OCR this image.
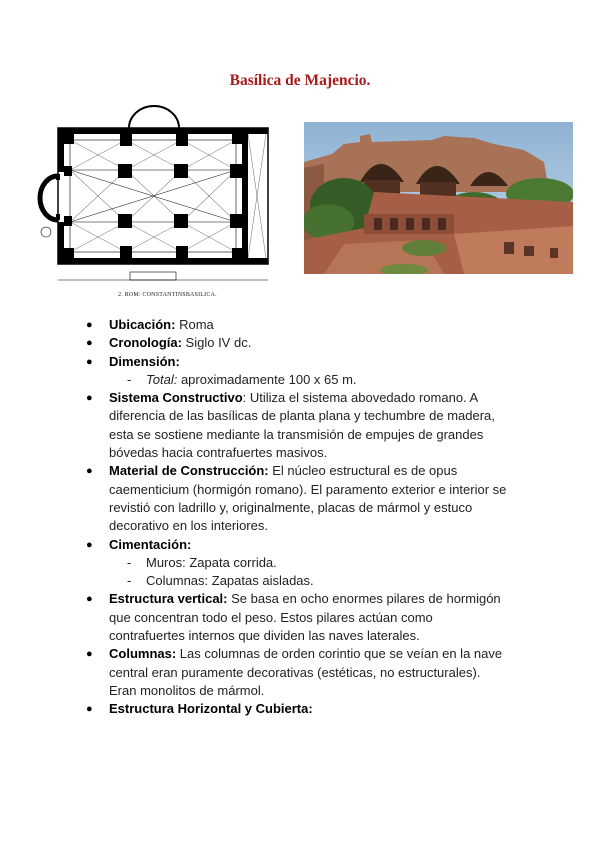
Basílica de Majencio.
2. ROM: CONSTANTINSBASILICA.
● Ubicación: Roma
● Cronología: Siglo IV dc.
● Dimensión:
- Total: aproximadamente 100 x 65 m.
● Sistema Constructivo: Utiliza el sistema abovedado romano. A diferencia de las basílicas de planta plana y techumbre de madera, esta se sostiene mediante la transmisión de empujes de grandes bóvedas hacia contrafuertes masivos.
● Material de Construcción: El núcleo estructural es de opus caementicium (hormigón romano). El paramento exterior e interior se revistió con ladrillo y, originalmente, placas de mármol y estuco decorativo en los interiores.
● Cimentación:
- Muros: Zapata corrida.
- Columnas: Zapatas aisladas.
● Estructura vertical: Se basa en ocho enormes pilares de hormigón que concentran todo el peso. Estos pilares actúan como contrafuertes internos que dividen las naves laterales.
● Columnas: Las columnas de orden corintio que se veían en la nave central eran puramente decorativas (estéticas, no estructurales). Eran monolitos de mármol.
● Estructura Horizontal y Cubierta:
